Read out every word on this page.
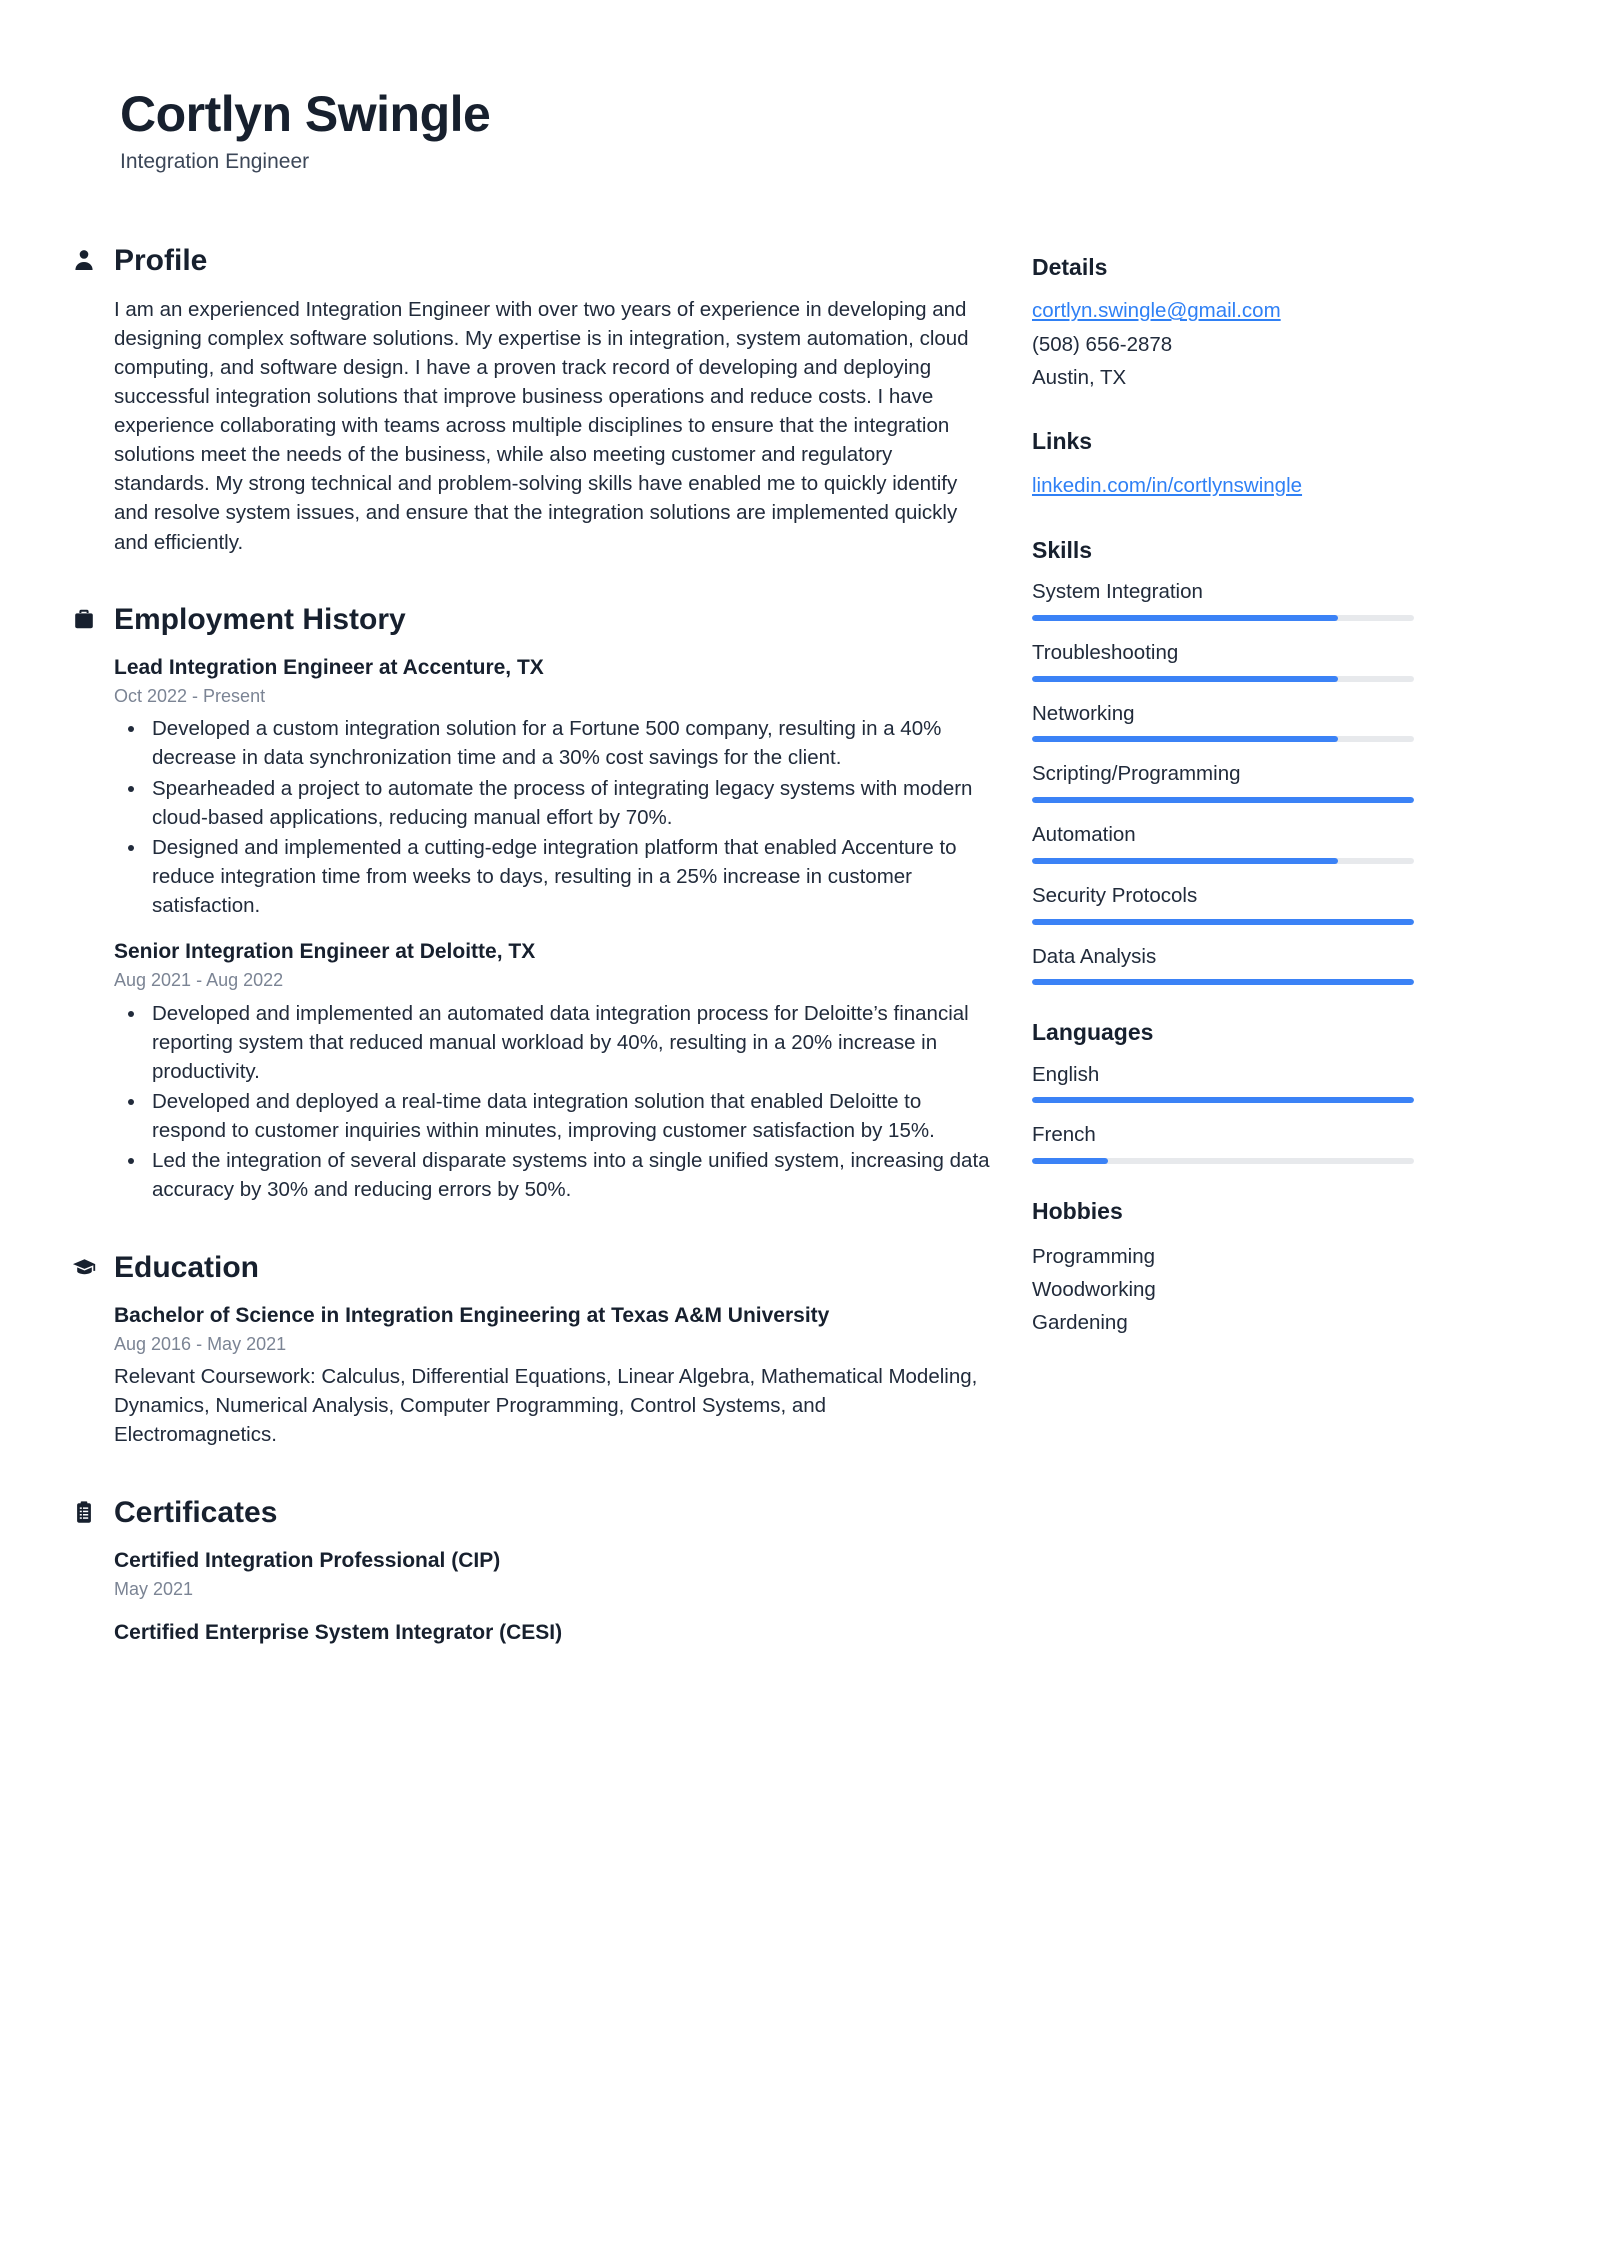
Cortlyn Swingle
Integration Engineer
Profile

I am an experienced Integration Engineer with over two years of experience in developing and designing complex software solutions. My expertise is in integration, system automation, cloud computing, and software design. I have a proven track record of developing and deploying successful integration solutions that improve business operations and reduce costs. I have experience collaborating with teams across multiple disciplines to ensure that the integration solutions meet the needs of the business, while also meeting customer and regulatory standards. My strong technical and problem-solving skills have enabled me to quickly identify and resolve system issues, and ensure that the integration solutions are implemented quickly and efficiently.

Employment History
Lead Integration Engineer at Accenture, TX
Oct 2022 - Present
Developed a custom integration solution for a Fortune 500 company, resulting in a 40% decrease in data synchronization time and a 30% cost savings for the client.
Spearheaded a project to automate the process of integrating legacy systems with modern cloud-based applications, reducing manual effort by 70%.
Designed and implemented a cutting-edge integration platform that enabled Accenture to reduce integration time from weeks to days, resulting in a 25% increase in customer satisfaction.
Senior Integration Engineer at Deloitte, TX
Aug 2021 - Aug 2022
Developed and implemented an automated data integration process for Deloitte’s financial reporting system that reduced manual workload by 40%, resulting in a 20% increase in productivity.
Developed and deployed a real-time data integration solution that enabled Deloitte to respond to customer inquiries within minutes, improving customer satisfaction by 15%.
Led the integration of several disparate systems into a single unified system, increasing data accuracy by 30% and reducing errors by 50%.
Education
Bachelor of Science in Integration Engineering at Texas A&M University
Aug 2016 - May 2021

Relevant Coursework: Calculus, Differential Equations, Linear Algebra, Mathematical Modeling, Dynamics, Numerical Analysis, Computer Programming, Control Systems, and Electromagnetics.

Certificates
Certified Integration Professional (CIP)
May 2021
Certified Enterprise System Integrator (CESI)
Details
cortlyn.swingle@gmail.com
(508) 656-2878
Austin, TX
Links
linkedin.com/in/cortlynswingle
Skills
System Integration
Troubleshooting
Networking
Scripting/Programming
Automation
Security Protocols
Data Analysis
Languages
English
French
Hobbies
Programming
Woodworking
Gardening
